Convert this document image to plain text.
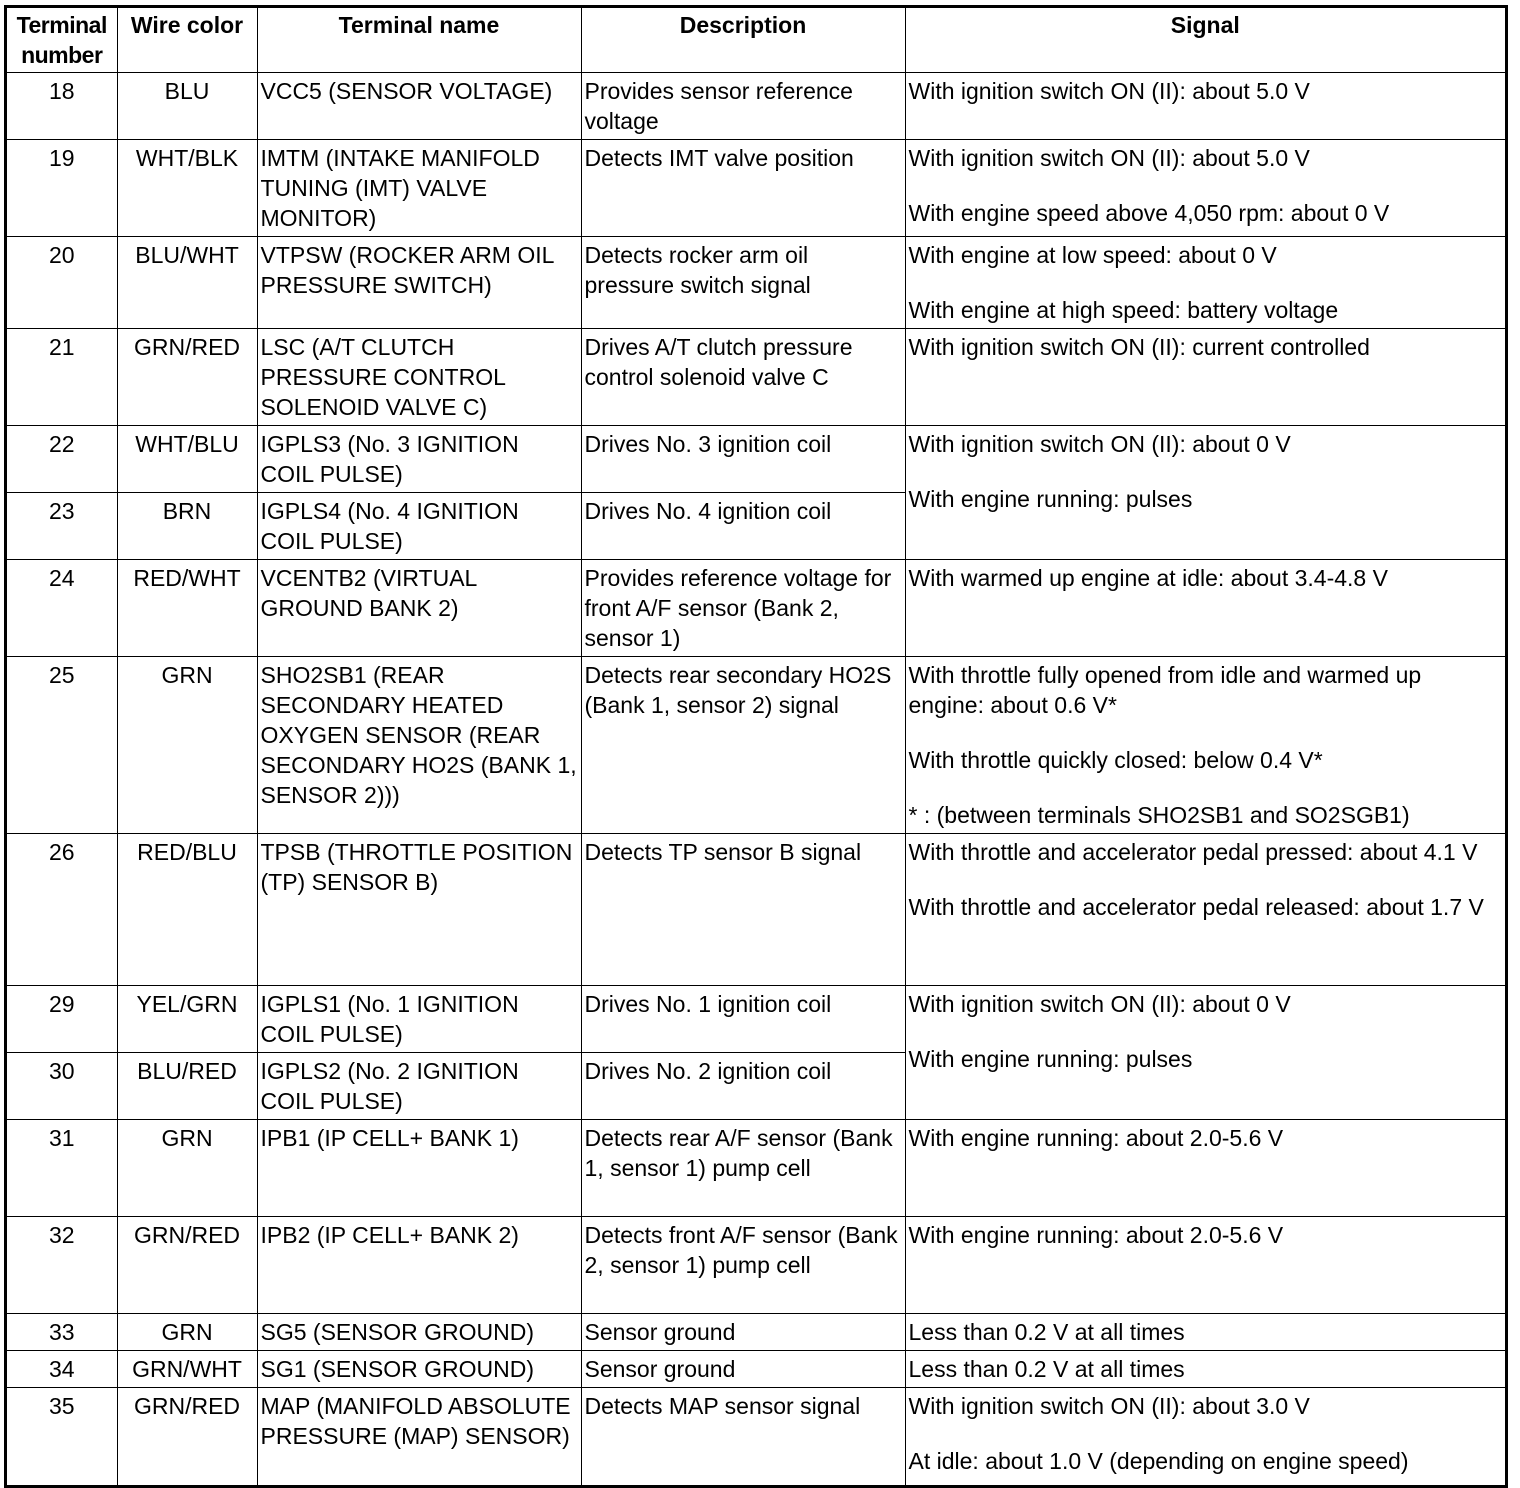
Terminal
number	Wire color	Terminal name	Description	Signal
18	BLU	VCC5 (SENSOR VOLTAGE)	Provides sensor reference voltage	With ignition switch ON (II): about 5.0 V

19	WHT/BLK	IMTM (INTAKE MANIFOLD TUNING (IMT) VALVE MONITOR)	Detects IMT valve position	With ignition switch ON (II): about 5.0 V
With engine speed above 4,050 rpm: about 0 V

20	BLU/WHT	VTPSW (ROCKER ARM OIL PRESSURE SWITCH)	Detects rocker arm oil pressure switch signal	With engine at low speed: about 0 V
With engine at high speed: battery voltage

21	GRN/RED	LSC (A/T CLUTCH PRESSURE CONTROL SOLENOID VALVE C)	Drives A/T clutch pressure control solenoid valve C	With ignition switch ON (II): current controlled

22	WHT/BLU	IGPLS3 (No. 3 IGNITION COIL PULSE)	Drives No. 3 ignition coil	With ignition switch ON (II): about 0 V
With engine running: pulses

23	BRN	IGPLS4 (No. 4 IGNITION COIL PULSE)	Drives No. 4 ignition coil	
24	RED/WHT	VCENTB2 (VIRTUAL GROUND BANK 2)	Provides reference voltage for front A/F sensor (Bank 2, sensor 1)	With warmed up engine at idle: about 3.4-4.8 V

25	GRN	SHO2SB1 (REAR SECONDARY HEATED OXYGEN SENSOR (REAR SECONDARY HO2S (BANK 1, SENSOR 2)))	Detects rear secondary HO2S (Bank 1, sensor 2) signal	With throttle fully opened from idle and warmed up engine: about 0.6 V*
With throttle quickly closed: below 0.4 V*
* : (between terminals SHO2SB1 and SO2SGB1)

26	RED/BLU	TPSB (THROTTLE POSITION (TP) SENSOR B)	Detects TP sensor B signal	With throttle and accelerator pedal pressed: about 4.1 V
With throttle and accelerator pedal released: about 1.7 V

29	YEL/GRN	IGPLS1 (No. 1 IGNITION COIL PULSE)	Drives No. 1 ignition coil	With ignition switch ON (II): about 0 V
With engine running: pulses

30	BLU/RED	IGPLS2 (No. 2 IGNITION COIL PULSE)	Drives No. 2 ignition coil	
31	GRN	IPB1 (IP CELL+ BANK 1)	Detects rear A/F sensor (Bank 1, sensor 1) pump cell	With engine running: about 2.0-5.6 V

32	GRN/RED	IPB2 (IP CELL+ BANK 2)	Detects front A/F sensor (Bank 2, sensor 1) pump cell	With engine running: about 2.0-5.6 V

33	GRN	SG5 (SENSOR GROUND)	Sensor ground	Less than 0.2 V at all times

34	GRN/WHT	SG1 (SENSOR GROUND)	Sensor ground	Less than 0.2 V at all times

35	GRN/RED	MAP (MANIFOLD ABSOLUTE PRESSURE (MAP) SENSOR)	Detects MAP sensor signal	With ignition switch ON (II): about 3.0 V
At idle: about 1.0 V (depending on engine speed)
